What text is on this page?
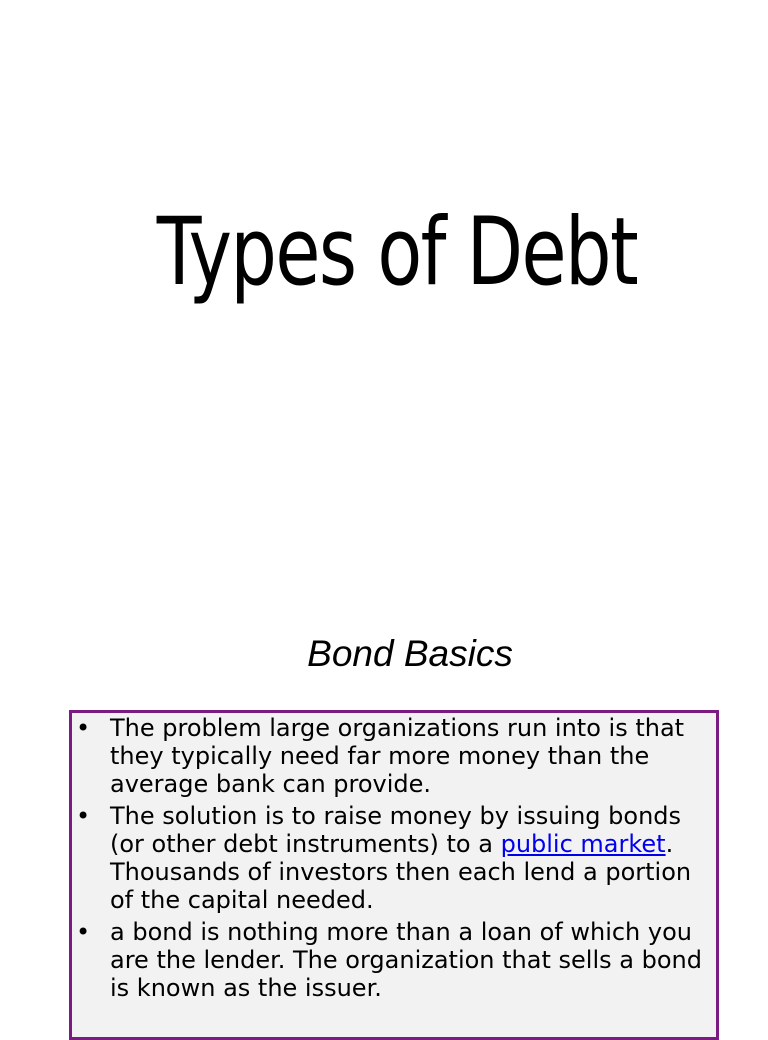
Types of Debt
Bond Basics
• The problem large organizations run into is that they typically need far more money than the average bank can provide.
• The solution is to raise money by issuing bonds (or other debt instruments) to a public market. Thousands of investors then each lend a portion of the capital needed.
• a bond is nothing more than a loan of which you are the lender. The organization that sells a bond is known as the issuer.
